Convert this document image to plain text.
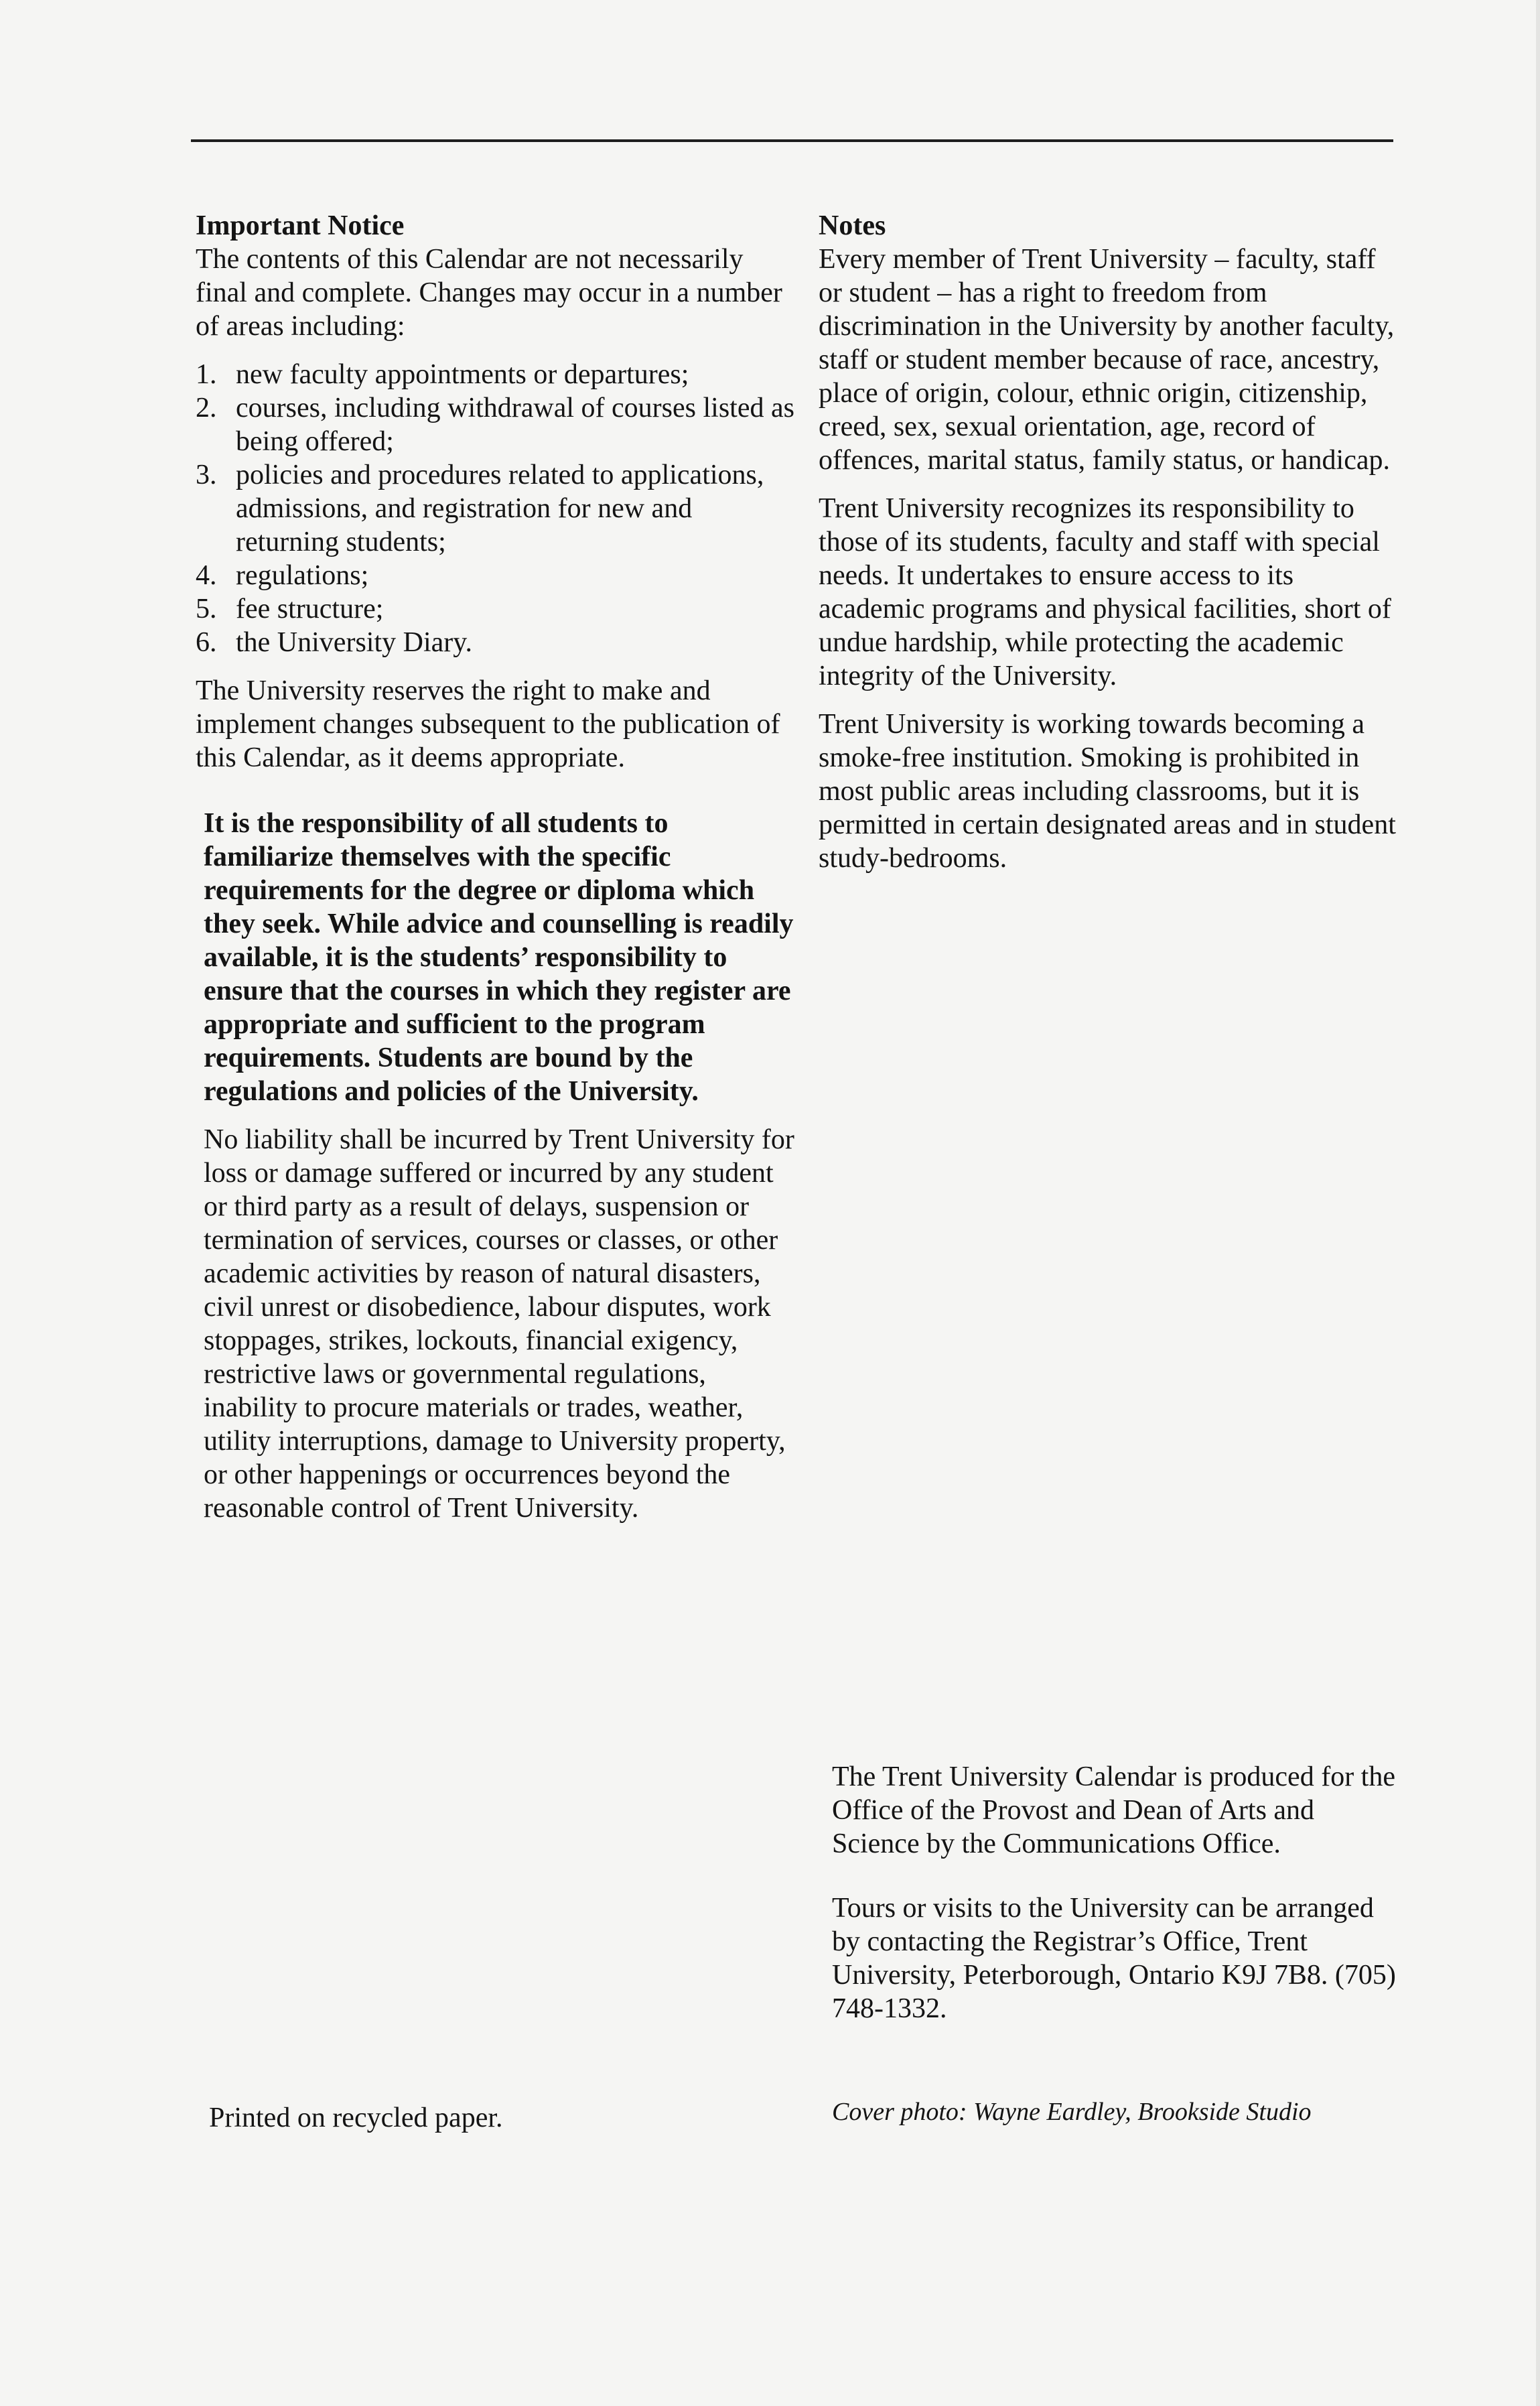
Important Notice

The contents of this Calendar are not necessarily final and complete. Changes may occur in a number of areas including:

1. new faculty appointments or departures;
2. courses, including withdrawal of courses listed as being offered;
3. policies and procedures related to applications, admissions, and registration for new and returning students;
4. regulations;
5. fee structure;
6. the University Diary.

The University reserves the right to make and implement changes subsequent to the publication of this Calendar, as it deems appropriate.

It is the responsibility of all students to familiarize themselves with the specific requirements for the degree or diploma which they seek. While advice and counselling is readily available, it is the students’ responsibility to ensure that the courses in which they register are appropriate and sufficient to the program requirements. Students are bound by the regulations and policies of the University.

No liability shall be incurred by Trent University for loss or damage suffered or incurred by any student or third party as a result of delays, suspension or termination of services, courses or classes, or other academic activities by reason of natural disasters, civil unrest or disobedience, labour disputes, work stoppages, strikes, lockouts, financial exigency, restrictive laws or governmental regulations, inability to procure materials or trades, weather, utility interruptions, damage to University property, or other happenings or occurrences beyond the reasonable control of Trent University.

Notes

Every member of Trent University – faculty, staff or student – has a right to freedom from discrimination in the University by another faculty, staff or student member because of race, ancestry, place of origin, colour, ethnic origin, citizenship, creed, sex, sexual orientation, age, record of offences, marital status, family status, or handicap.

Trent University recognizes its responsibility to those of its students, faculty and staff with special needs. It undertakes to ensure access to its academic programs and physical facilities, short of undue hardship, while protecting the academic integrity of the University.

Trent University is working towards becoming a smoke-free institution. Smoking is prohibited in most public areas including classrooms, but it is permitted in certain designated areas and in student study-bedrooms.

The Trent University Calendar is produced for the Office of the Provost and Dean of Arts and Science by the Communications Office.

Tours or visits to the University can be arranged by contacting the Registrar’s Office, Trent University, Peterborough, Ontario K9J 7B8. (705) 748-1332.

Printed on recycled paper.	Cover photo: Wayne Eardley, Brookside Studio
